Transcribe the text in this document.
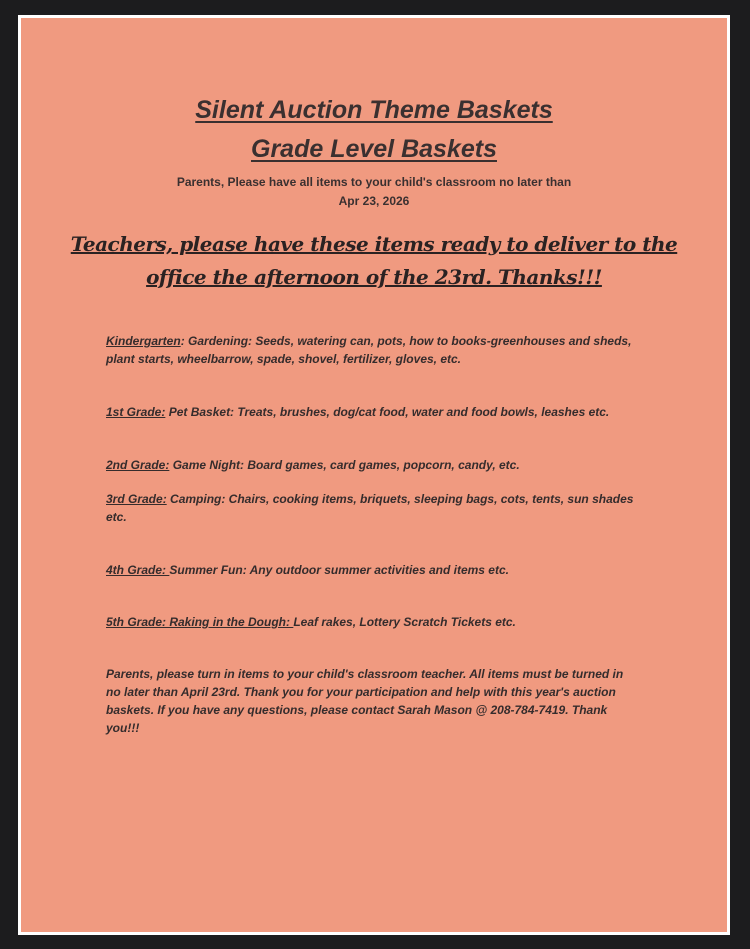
Silent Auction Theme Baskets
Grade Level Baskets
Parents, Please have all items to your child's classroom no later than
Apr 23, 2026
Teachers, please have these items ready to deliver to the
office the afternoon of the 23rd. Thanks!!!
Kindergarten: Gardening: Seeds, watering can, pots, how to books-greenhouses and sheds, plant starts, wheelbarrow, spade, shovel, fertilizer, gloves, etc.
1st Grade: Pet Basket: Treats, brushes, dog/cat food, water and food bowls, leashes etc.
2nd Grade: Game Night: Board games, card games, popcorn, candy, etc.
3rd Grade: Camping: Chairs, cooking items, briquets, sleeping bags, cots, tents, sun shades etc.
4th Grade: Summer Fun: Any outdoor summer activities and items etc.
5th Grade: Raking in the Dough: Leaf rakes, Lottery Scratch Tickets etc.
Parents, please turn in items to your child's classroom teacher. All items must be turned in no later than April 23rd. Thank you for your participation and help with this year's auction baskets. If you have any questions, please contact Sarah Mason @ 208-784-7419. Thank you!!!
